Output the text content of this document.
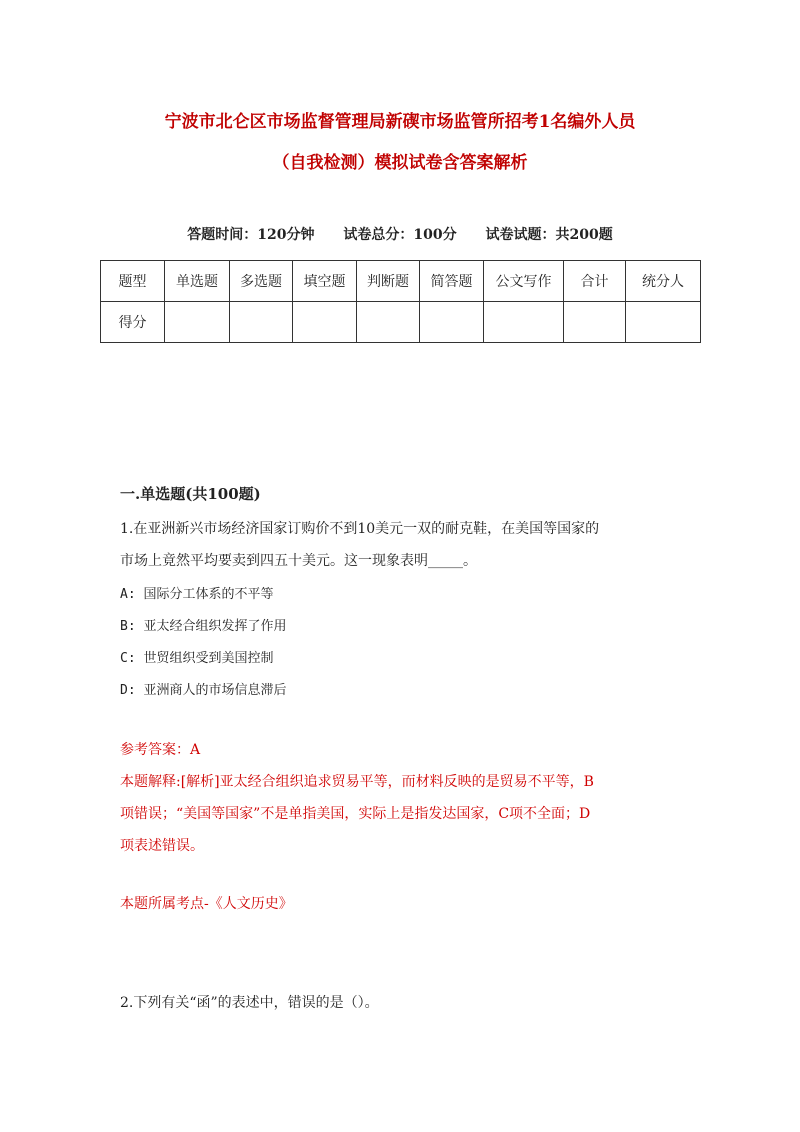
宁波市北仑区市场监督管理局新碶市场监管所招考1名编外人员
（自我检测）模拟试卷含答案解析
答题时间：120分钟 试卷总分：100分 试卷试题：共200题
题型	单选题	多选题	填空题	判断题	简答题	公文写作	合计	统分人
得分								
一.单选题(共100题)
1.在亚洲新兴市场经济国家订购价不到10美元一双的耐克鞋，在美国等国家的
市场上竟然平均要卖到四五十美元。这一现象表明_____。
A: 国际分工体系的不平等
B: 亚太经合组织发挥了作用
C: 世贸组织受到美国控制
D: 亚洲商人的市场信息滞后
参考答案：A
本题解释:[解析]亚太经合组织追求贸易平等，而材料反映的是贸易不平等，B
项错误；“美国等国家”不是单指美国，实际上是指发达国家，C项不全面；D
项表述错误。
本题所属考点-《人文历史》
2.下列有关“函”的表述中，错误的是（）。
